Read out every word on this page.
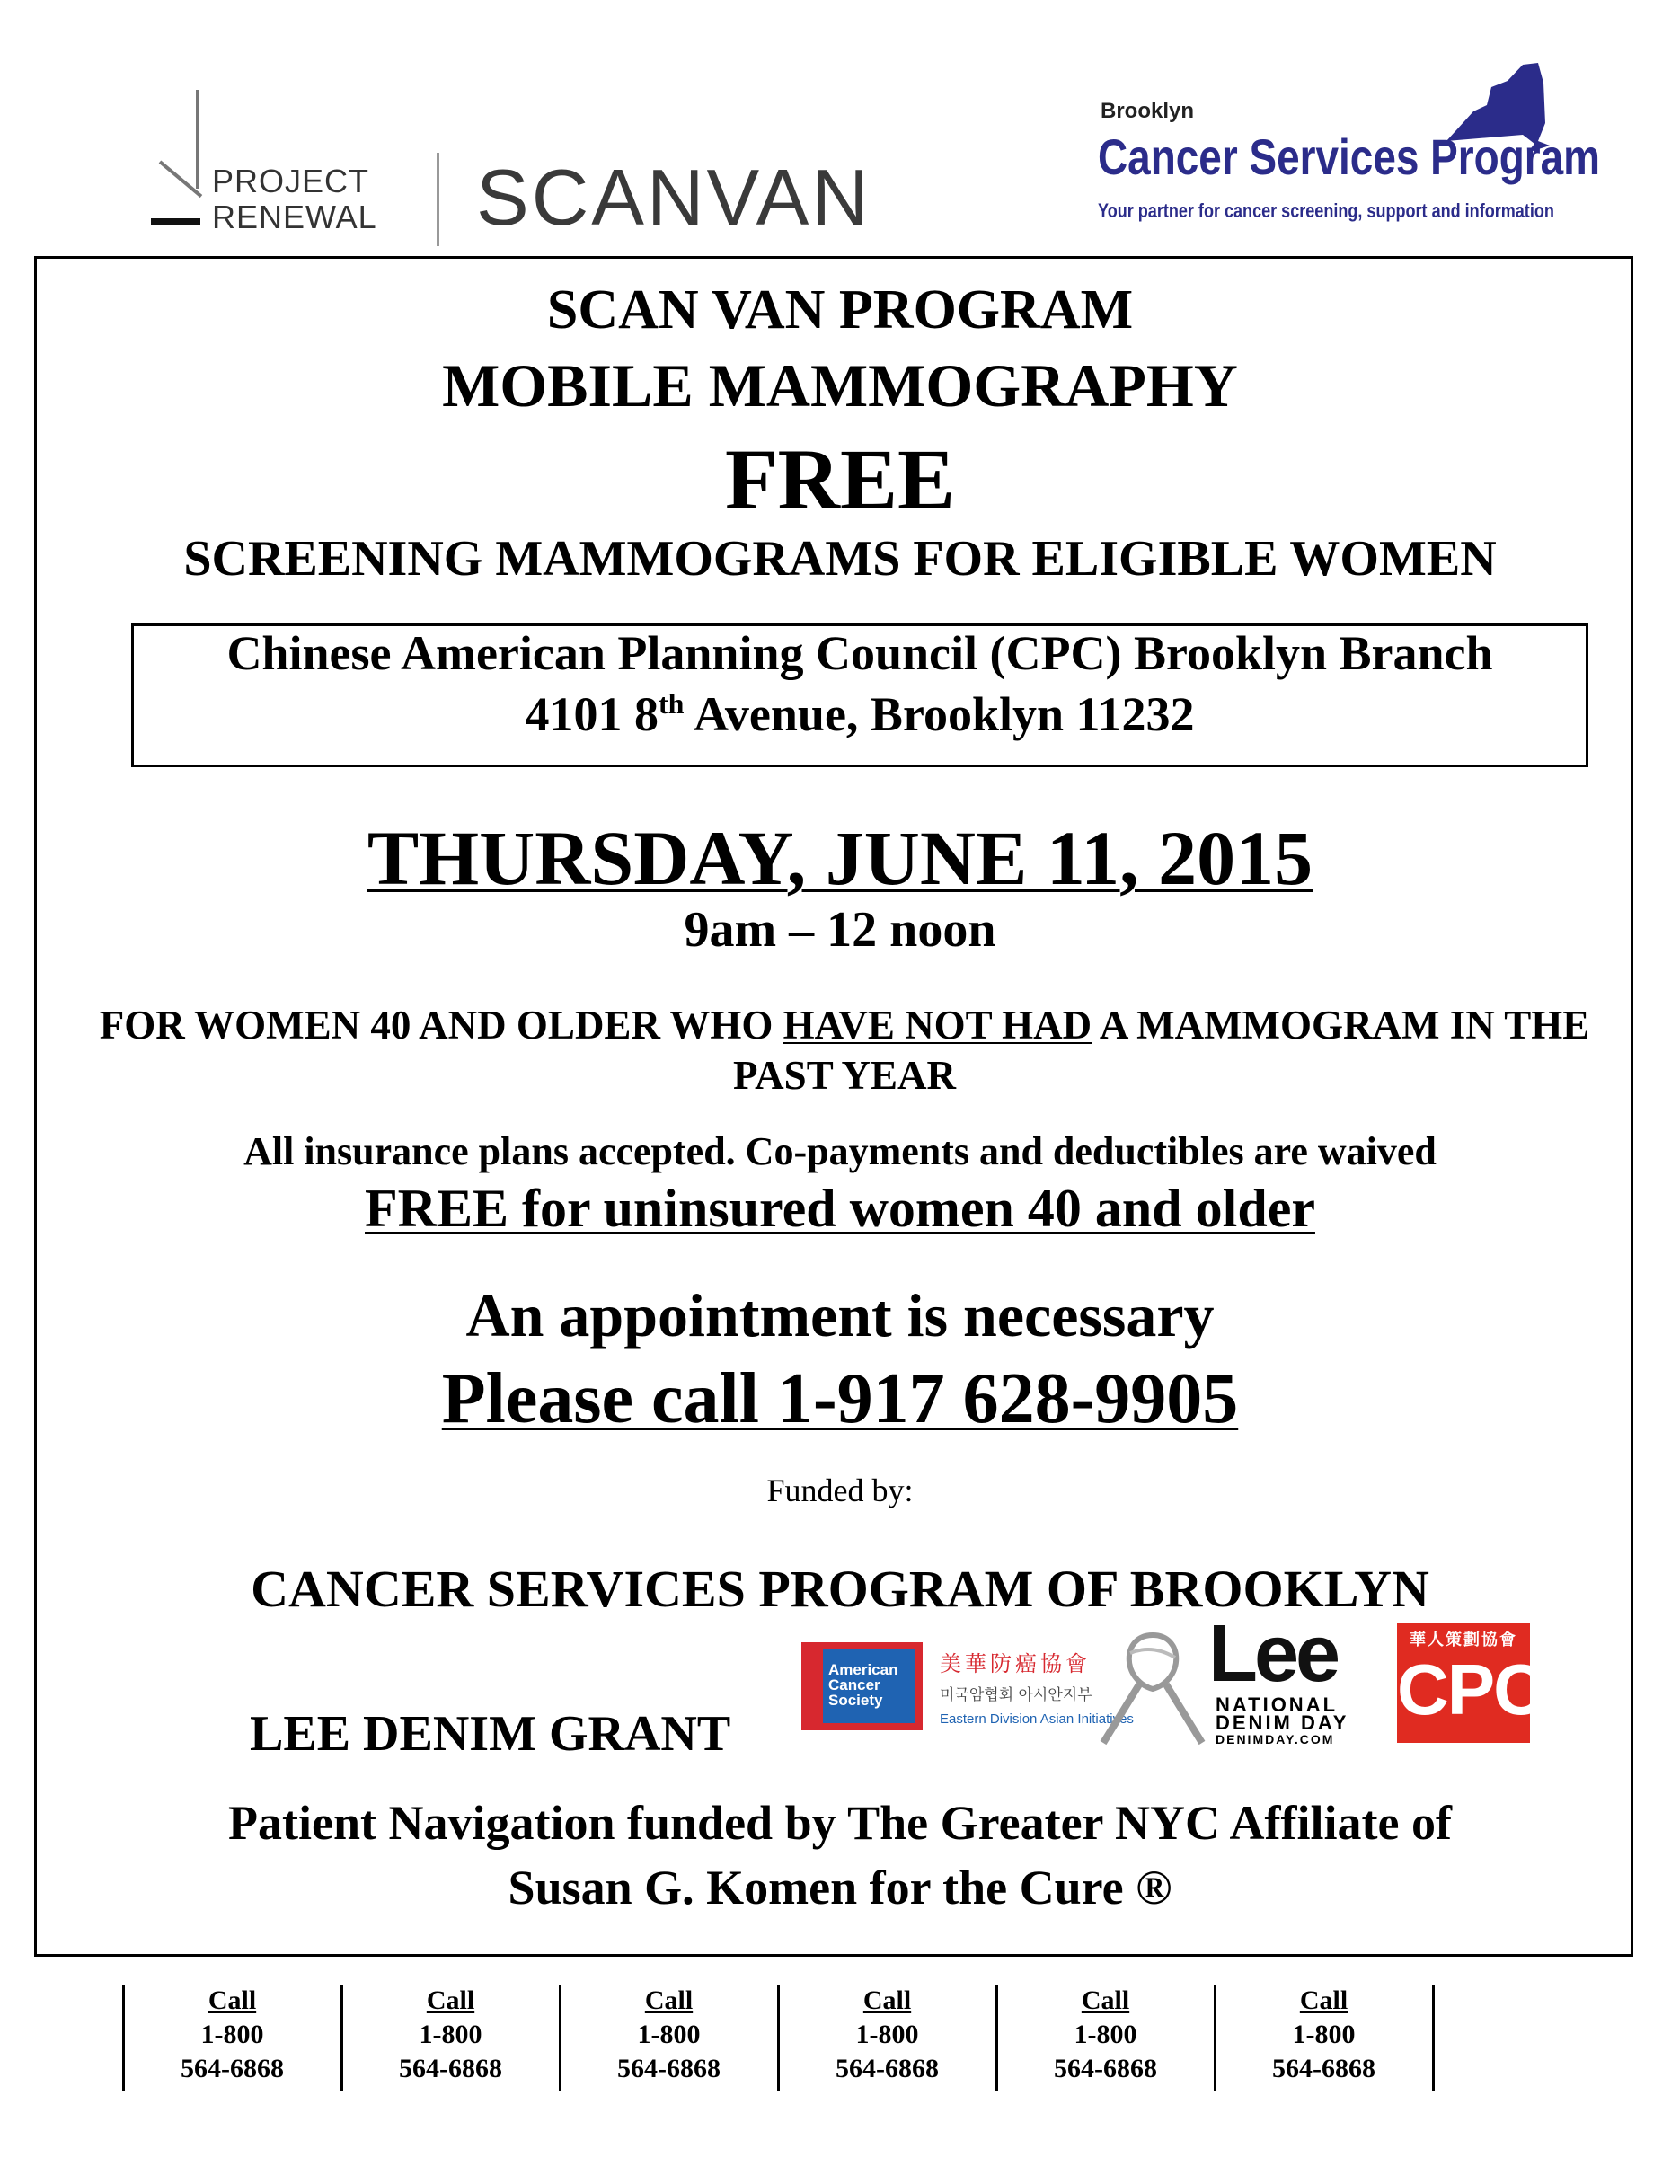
PROJECT
RENEWAL SCANVAN
Brooklyn
Cancer Services Program
Your partner for cancer screening, support and information
SCAN VAN PROGRAM
MOBILE MAMMOGRAPHY
FREE
SCREENING MAMMOGRAMS FOR ELIGIBLE WOMEN
Chinese American Planning Council (CPC) Brooklyn Branch
4101 8th Avenue, Brooklyn 11232
THURSDAY, JUNE 11, 2015
9am – 12 noon
FOR WOMEN 40 AND OLDER WHO HAVE NOT HAD A MAMMOGRAM IN THE PAST YEAR
All insurance plans accepted. Co-payments and deductibles are waived
FREE for uninsured women 40 and older
An appointment is necessary
Please call 1-917 628-9905
Funded by:
CANCER SERVICES PROGRAM OF BROOKLYN
LEE DENIM GRANT
American Cancer Society
美華防癌協會
미국암협회 아시안지부
Eastern Division Asian Initiatives
Lee
NATIONAL
DENIM DAY
DENIMDAY.COM
華人策劃協會
CPC
Patient Navigation funded by The Greater NYC Affiliate of
Susan G. Komen for the Cure ®
Call
1-800
564-6868
Call
1-800
564-6868
Call
1-800
564-6868
Call
1-800
564-6868
Call
1-800
564-6868
Call
1-800
564-6868
